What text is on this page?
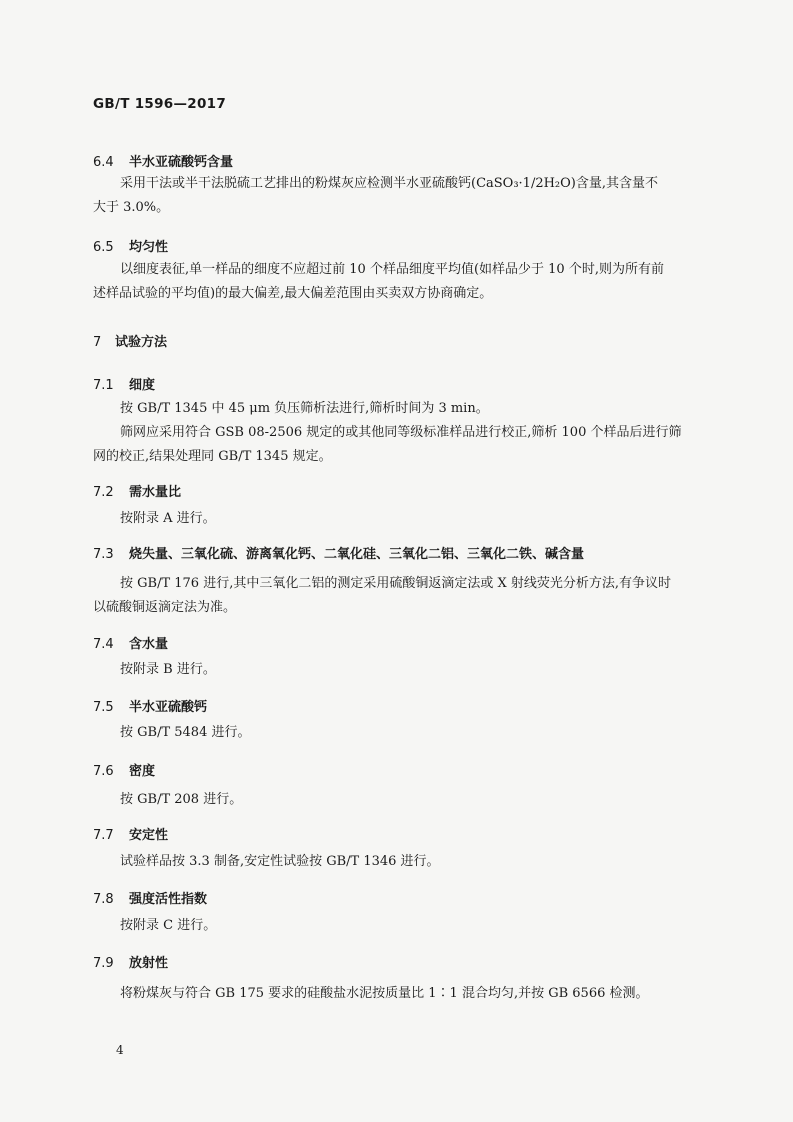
GB/T 1596—2017
6.4 半水亚硫酸钙含量
采用干法或半干法脱硫工艺排出的粉煤灰应检测半水亚硫酸钙(CaSO₃·1/2H₂O)含量,其含量不
大于 3.0%。
6.5 均匀性
以细度表征,单一样品的细度不应超过前 10 个样品细度平均值(如样品少于 10 个时,则为所有前
述样品试验的平均值)的最大偏差,最大偏差范围由买卖双方协商确定。
7 试验方法
7.1 细度
按 GB/T 1345 中 45 μm 负压筛析法进行,筛析时间为 3 min。
筛网应采用符合 GSB 08-2506 规定的或其他同等级标准样品进行校正,筛析 100 个样品后进行筛
网的校正,结果处理同 GB/T 1345 规定。
7.2 需水量比
按附录 A 进行。
7.3 烧失量、三氧化硫、游离氧化钙、二氧化硅、三氧化二铝、三氧化二铁、碱含量
按 GB/T 176 进行,其中三氧化二铝的测定采用硫酸铜返滴定法或 X 射线荧光分析方法,有争议时
以硫酸铜返滴定法为准。
7.4 含水量
按附录 B 进行。
7.5 半水亚硫酸钙
按 GB/T 5484 进行。
7.6 密度
按 GB/T 208 进行。
7.7 安定性
试验样品按 3.3 制备,安定性试验按 GB/T 1346 进行。
7.8 强度活性指数
按附录 C 进行。
7.9 放射性
将粉煤灰与符合 GB 175 要求的硅酸盐水泥按质量比 1∶1 混合均匀,并按 GB 6566 检测。
4
